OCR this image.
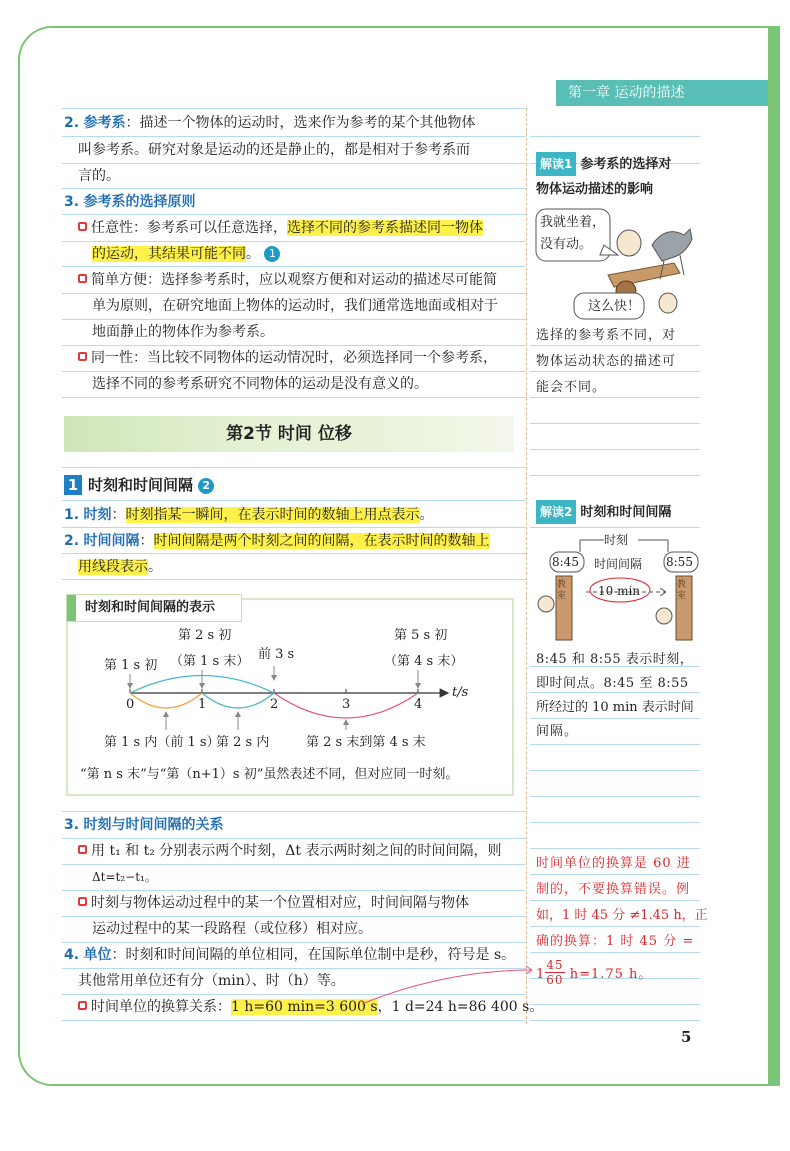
第一章 运动的描述
2. 参考系：描述一个物体的运动时，选来作为参考的某个其他物体
叫参考系。研究对象是运动的还是静止的，都是相对于参考系而
言的。
3. 参考系的选择原则
任意性：参考系可以任意选择，选择不同的参考系描述同一物体
的运动，其结果可能不同。 1
简单方便：选择参考系时，应以观察方便和对运动的描述尽可能简
单为原则，在研究地面上物体的运动时，我们通常选地面或相对于
地面静止的物体作为参考系。
同一性：当比较不同物体的运动情况时，必须选择同一个参考系，
选择不同的参考系研究不同物体的运动是没有意义的。
第2节 时间 位移
1 时刻和时间间隔 2
1. 时刻：时刻指某一瞬间，在表示时间的数轴上用点表示。
2. 时间间隔：时间间隔是两个时刻之间的间隔，在表示时间的数轴上
用线段表示。
时刻和时间间隔的表示
第 2 s 初
（第 1 s 末） 前 3 s
第 5 s 初
（第 4 s 末）
第 1 s 初
0	1	2	3	4
t/s
第 1 s 内（前 1 s）
第 2 s 内	第 2 s 末到第 4 s 末
“第 n s 末”与“第（n+1）s 初”虽然表述不同，但对应同一时刻。
3. 时刻与时间间隔的关系
用 t₁ 和 t₂ 分别表示两个时刻，Δt 表示两时刻之间的时间间隔，则
Δt=t₂−t₁。
时刻与物体运动过程中的某一个位置相对应，时间间隔与物体
运动过程中的某一段路程（或位移）相对应。
4. 单位：时刻和时间间隔的单位相同，在国际单位制中是秒，符号是 s。
其他常用单位还有分（min）、时（h）等。
时间单位的换算关系：1 h=60 min=3 600 s，1 d=24 h=86 400 s。
解读1 参考系的选择对
物体运动描述的影响
我就坐着，
没有动。
这么快！
选择的参考系不同，对
物体运动状态的描述可
能会不同。
解读2 时刻和时间间隔
时刻
时间间隔
8:45	8:55
10 min
教室
教室
8:45 和 8:55 表示时刻，
即时间点。8:45 至 8:55
所经过的 10 min 表示时间
间隔。
时间单位的换算是 60 进
制的，不要换算错误。例
如，1 时 45 分 ≠1.45 h，正
确的换算：1 时 45 分 =
$1 \frac{45}{60} h=1.75$ h。
5
